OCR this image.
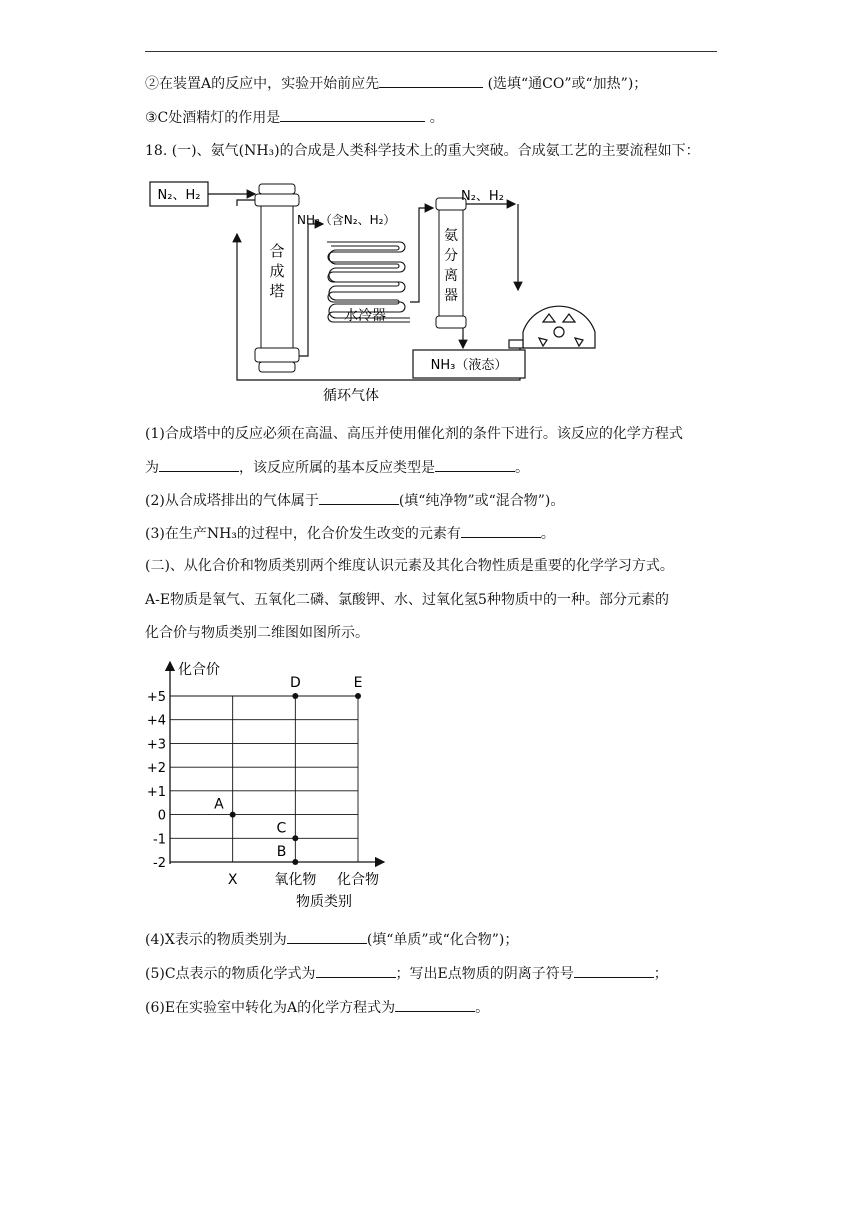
②在装置A的反应中，实验开始前应先	(选填“通CO”或“加热”)；
③C处酒精灯的作用是	。
18. (一)、氨气(NH₃)的合成是人类科学技术上的重大突破。合成氨工艺的主要流程如下：
N₂、H₂
合
成
塔
循环气体
NH₃（含N₂、H₂）
水冷器
氨
分
离
器
N₂、H₂
NH₃（液态）
(1)合成塔中的反应必须在高温、高压并使用催化剂的条件下进行。该反应的化学方程式
为	，该反应所属的基本反应类型是	。
(2)从合成塔排出的气体属于	(填“纯净物”或“混合物”)。
(3)在生产NH₃的过程中，化合价发生改变的元素有	。
(二)、从化合价和物质类别两个维度认识元素及其化合物性质是重要的化学学习方式。
A-E物质是氧气、五氧化二磷、氯酸钾、水、过氧化氢5种物质中的一种。部分元素的
化合价与物质类别二维图如图所示。
化合价
物质类别
+5
+4
+3
+2
+1
0
-1
-2
X	氧化物 化合物
A
B
C
D	E
(4)X表示的物质类别为	(填“单质”或“化合物”)；
(5)C点表示的物质化学式为	；写出E点物质的阴离子符号	；
(6)E在实验室中转化为A的化学方程式为	。
